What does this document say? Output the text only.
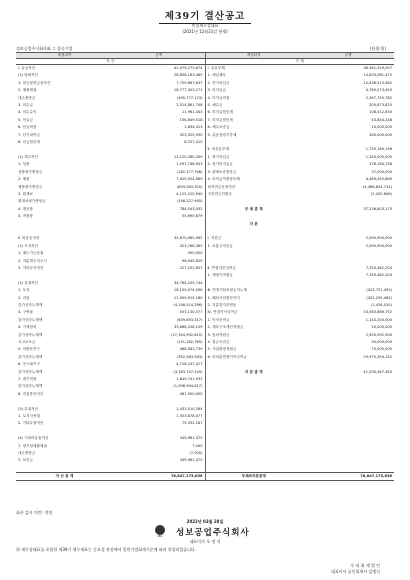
제39기 결산공고
연결재무상태표
(2021년 12월31일 현재)
성보공업주식회사와 그 종속기업	(단위:원)
계정과목	금액	계정과목	금액
자 산		부 채	
Ⅰ. 유동자산	41,979,273,674	Ⅰ. 유동부채	38,561,029,097
(1) 당좌자산	28,858,163,465	1. 매입채무	14,833,081,472
1. 현금및현금성자산	7,759,867,637	2. 단기차입금	12,836,513,462
2. 매출채권	18,777,303,271	3. 미지급금	4,780,073,445
대손충당금	(495,777,123)	4. 미지급비용	2,367,755,782
3. 미수금	2,314,861,708	5. 예수금	205,873,825
4. 미수수익	11,961,343	6. 미지급법인세	108,412,830
5. 선급금	156,849,518	7. 미지급법인세	43,854,248
6. 선급비용	1,834,413	8. 예수보증금	10,000,000
7. 단기대여금	323,325,590	9. 유동성장기부채	280,000,000
8. 선급법인세	8,257,410		
		Ⅱ. 비유동부채	1,755,164,196
(2) 재고자산	13,120,280,209	1. 장기차입금	1,340,000,000
1. 상품	1,597,748,903	2. 장기미지급금	378,184,156
상품평가충당금	(182,377,768)	3. 판매보증충당금	37,000,000
2. 제품	7,429,924,089	4. 퇴직급여충당부채	4,489,045,860
제품평가충당금	(893,583,320)	퇴직연금운용자산	(4,486,824,714)
3. 원재료	4,125,220,940	국민연금전환금	(2,420,806)
원재료평가충당금	(146,227,465)		
4. 재공품	784,043,432	부 채 총 계	37,236,803,173
5. 저장품	55,690,679		
		자 본	

Ⅱ. 비유동자산	35,870,965,962	Ⅰ. 자본금	2,095,900,000
(1) 투자자산	323,768,482	1. 보통주자본금	2,095,900,000
1. 매도가능증권	300,000		
2. 지분법투자주식	96,045,825		
3. 기타투자자산	227,252,657	Ⅱ. 연결자본잉여금	7,333,482,204
		1. 재평가적립금	7,333,482,204
(2) 유형자산	34,764,205,744		
1. 토지	18,159,074,096	Ⅲ. 연결기타포괄손익누계	(423,721,493)
2. 건물	11,909,915,180	1. 해외사업환산이익	(422,295,483)
감가상각누계액	(4,146,514,286)	2. 지분법자본변동	(1,426,010)
3. 구축물	553,130,577	Ⅳ. 연결이익잉여금	33,583,886,752
감가상각누계액	(659,893,317)	1. 이익준비금	1,143,200,000
4. 기계장치	33,668,258,159	2. 재무구조개선적립금	20,000,000
감가상각누계액	(27,354,992,810)	3. 임의적립금	2,550,092,900
국고보조금	(151,162,765)	4. 결손보전금	30,000,000
5. 차량운반구	468,583,739	5. 사업확장적립금	70,000,000
감가상각누계액	(352,583,563)	6. 미처분연결이익잉여금	29,970,394,152
6. 공구와기구	4,718,247,417		
감가상각누계액	(3,163,747,249)	자 본 총 계	41,030,467,463
7. 집기비품	1,840,741,931		
감가상각누계액	(1,596,944,617)		
8. 건설중인자산	461,500,000		

(3) 무형자산	1,433,010,284		
1. 토지사용권	1,353,878,077		
2. 기타무형자산	79,332,187		

(4) 기타비유동자산	349,981,472		
1. 장기성매출채권	7,000		
대손충당금	(7,000)		
2. 보증금	349,981,472		

자 산 총 계	78,847,175,636	부채와자본총계	78,847,175,636
회사 감사 의견: 적정
2022년 03월 28일
SBIC	성보공업주식회사
대표이사 오 정 석
위 재무상태표를 포함한 제39기 재무제표는 중요성 관점에서 일반기업회계기준에 따라 작성되었습니다.
우 리 회 계 법 인
대표이사 공인회계사 김병식
